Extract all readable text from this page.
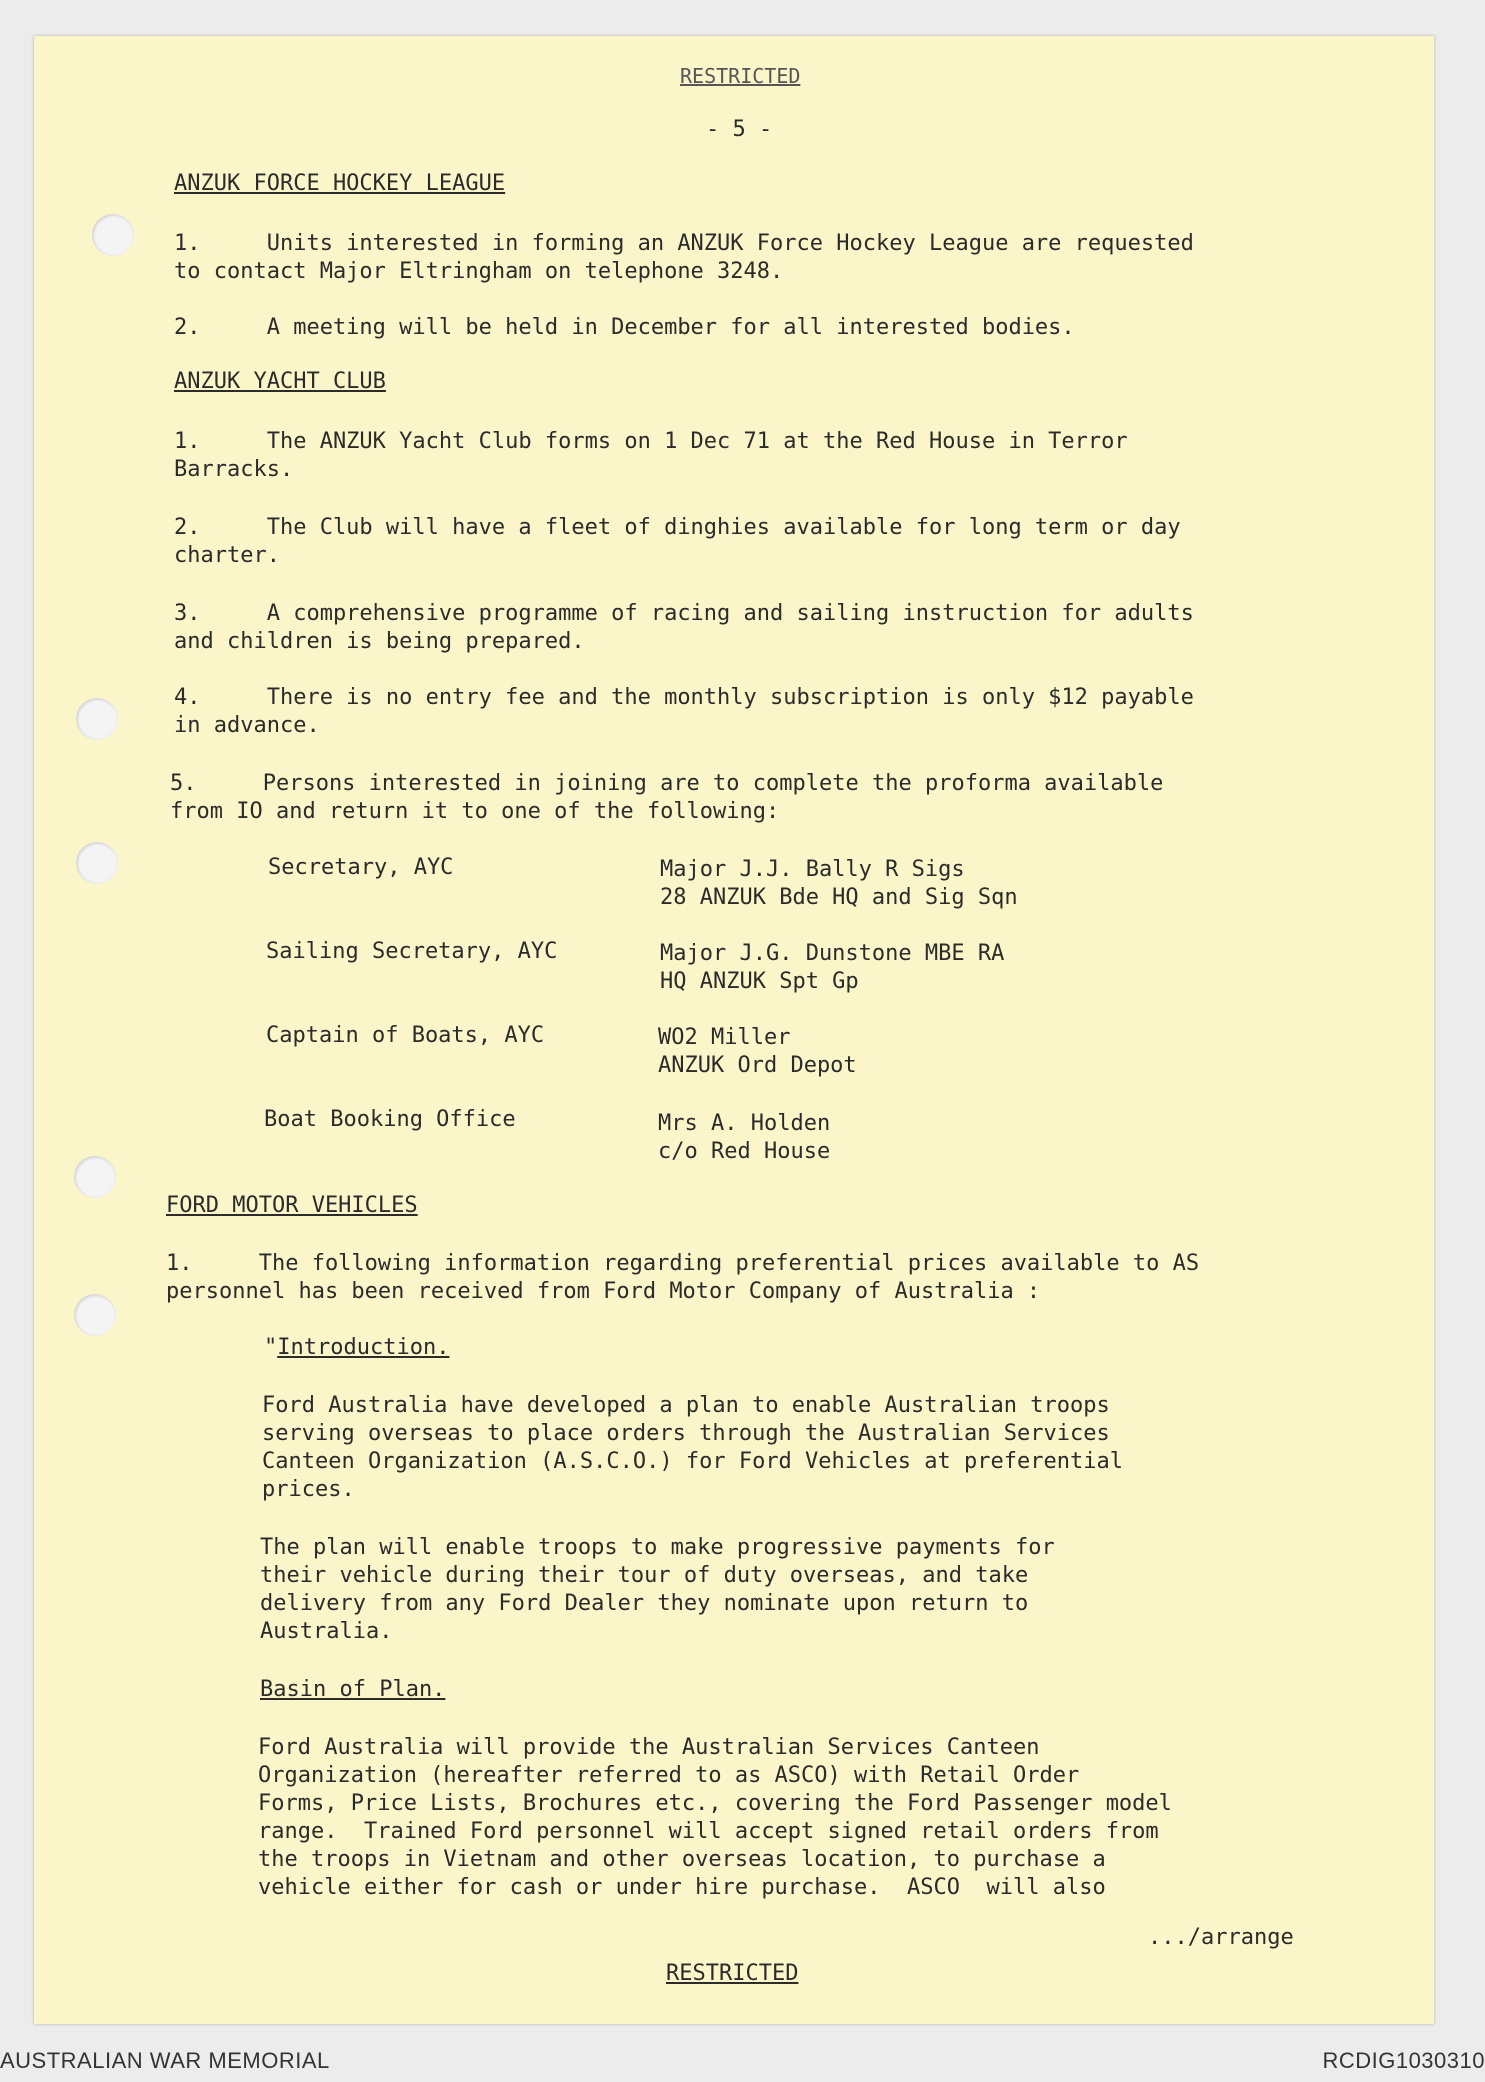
RESTRICTED

- 5 -

ANZUK FORCE HOCKEY LEAGUE

1.     Units interested in forming an ANZUK Force Hockey League are requested
to contact Major Eltringham on telephone 3248.

2.     A meeting will be held in December for all interested bodies.

ANZUK YACHT CLUB

1.     The ANZUK Yacht Club forms on 1 Dec 71 at the Red House in Terror
Barracks.

2.     The Club will have a fleet of dinghies available for long term or day
charter.

3.     A comprehensive programme of racing and sailing instruction for adults
and children is being prepared.

4.     There is no entry fee and the monthly subscription is only $12 payable
in advance.

5.     Persons interested in joining are to complete the proforma available
from IO and return it to one of the following:

Secretary, AYC	Major J.J. Bally R Sigs
28 ANZUK Bde HQ and Sig Sqn

Sailing Secretary, AYC	Major J.G. Dunstone MBE RA
HQ ANZUK Spt Gp

Captain of Boats, AYC	WO2 Miller
ANZUK Ord Depot

Boat Booking Office	Mrs A. Holden
c/o Red House

FORD MOTOR VEHICLES

1.     The following information regarding preferential prices available to AS
personnel has been received from Ford Motor Company of Australia :

"Introduction.

Ford Australia have developed a plan to enable Australian troops
serving overseas to place orders through the Australian Services
Canteen Organization (A.S.C.O.) for Ford Vehicles at preferential
prices.

The plan will enable troops to make progressive payments for
their vehicle during their tour of duty overseas, and take
delivery from any Ford Dealer they nominate upon return to
Australia.

Basin of Plan.

Ford Australia will provide the Australian Services Canteen
Organization (hereafter referred to as ASCO) with Retail Order
Forms, Price Lists, Brochures etc., covering the Ford Passenger model
range.  Trained Ford personnel will accept signed retail orders from
the troops in Vietnam and other overseas location, to purchase a
vehicle either for cash or under hire purchase.  ASCO  will also

.../arrange

RESTRICTED

AUSTRALIAN WAR MEMORIAL	RCDIG1030310
